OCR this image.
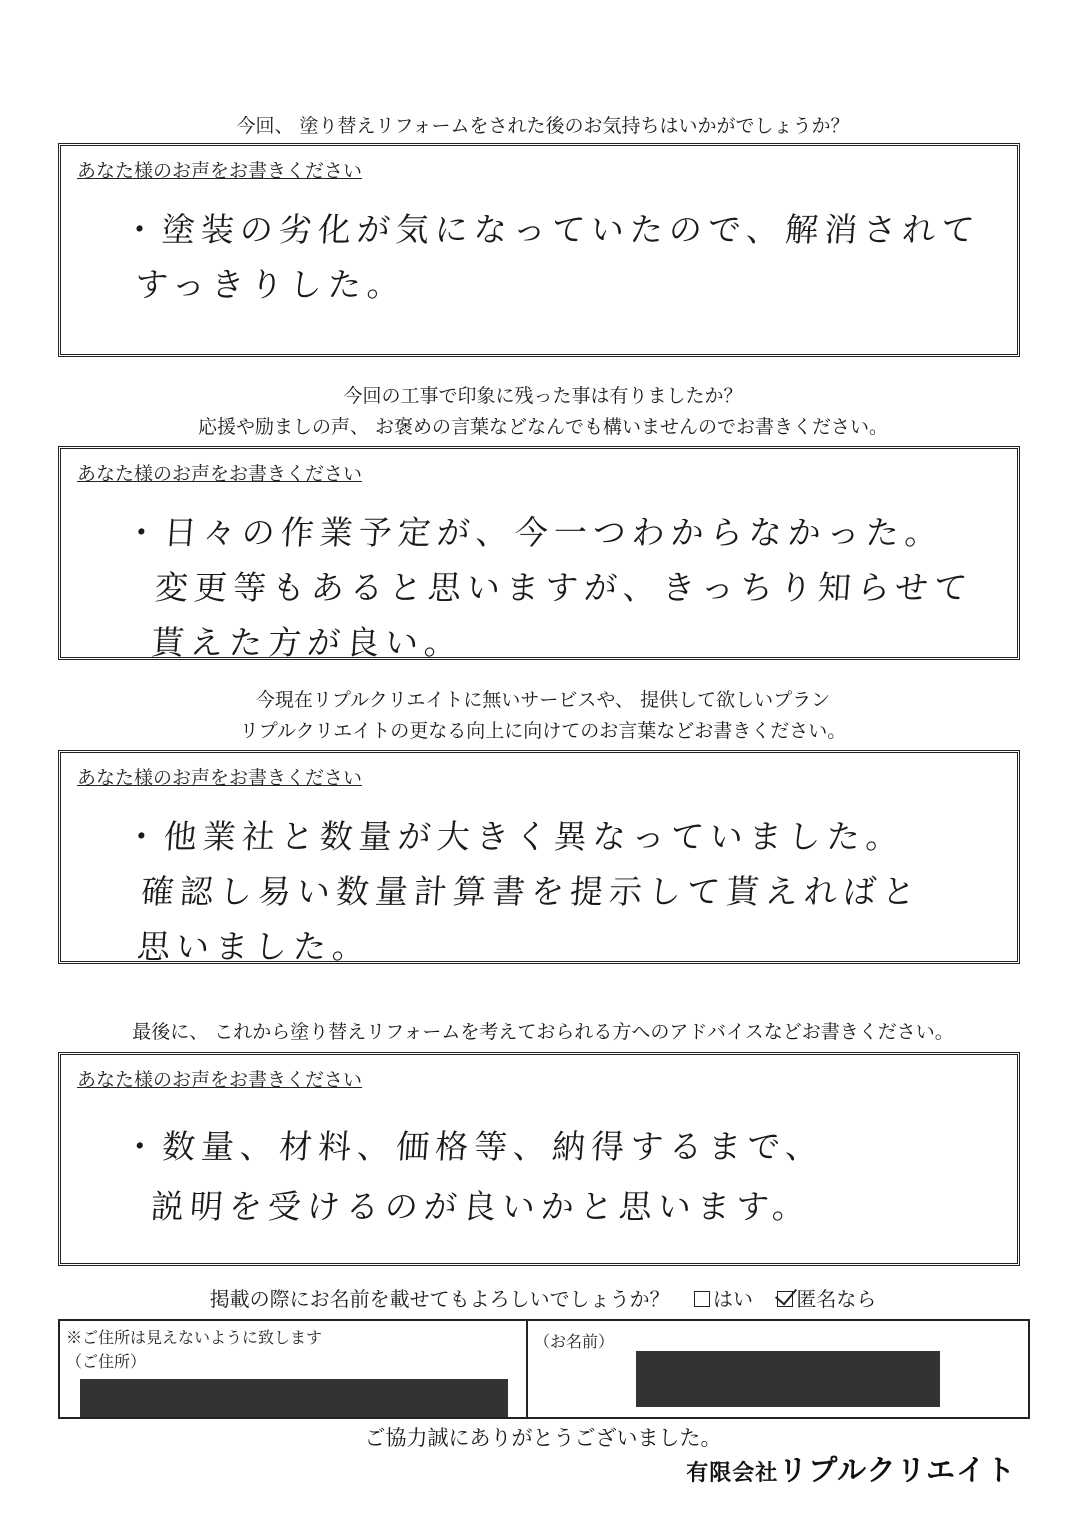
今回、 塗り替えリフォームをされた後のお気持ちはいかがでしょうか？
あなた様のお声をお書きください
・塗装の劣化が気になっていたので、解消されて
すっきりした。
今回の工事で印象に残った事は有りましたか？
応援や励ましの声、 お褒めの言葉などなんでも構いませんのでお書きください。
あなた様のお声をお書きください
・日々の作業予定が、今一つわからなかった。
変更等もあると思いますが、きっちり知らせて
貰えた方が良い。
今現在リプルクリエイトに無いサービスや、 提供して欲しいプラン
リプルクリエイトの更なる向上に向けてのお言葉などお書きください。
あなた様のお声をお書きください
・他業社と数量が大きく異なっていました。
確認し易い数量計算書を提示して貰えればと
思いました。
最後に、 これから塗り替えリフォームを考えておられる方へのアドバイスなどお書きください。
あなた様のお声をお書きください
・数量、材料、価格等、納得するまで、
説明を受けるのが良いかと思います。
掲載の際にお名前を載せてもよろしいでしょうか？ はい 匿名なら
※ご住所は見えないように致します
（ご住所）
（お名前）
ご協力誠にありがとうございました。
有限会社リプルクリエイト
